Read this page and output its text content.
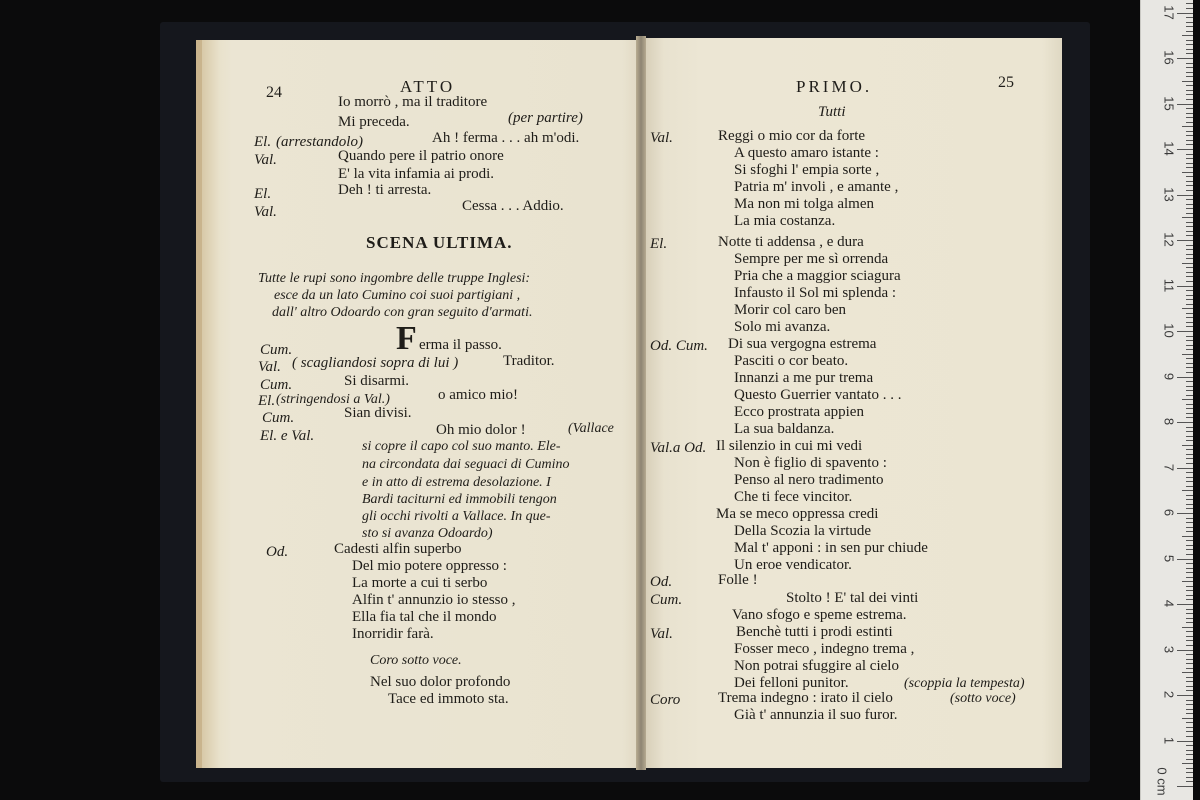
24	ATTO
Io morrò , ma il traditore
Mi preceda.	(per partire)
El. (arrestandolo)	Ah ! ferma . . . ah m'odi.
Val.	Quando pere il patrio onore
E' la vita infamia ai prodi.
El.	Deh ! ti arresta.
Val.	Cessa . . . Addio.
SCENA ULTIMA.
Tutte le rupi sono ingombre delle truppe Inglesi:
esce da un lato Cumino coi suoi partigiani ,
dall' altro Odoardo con gran seguito d'armati.
Cum.	F erma il passo.
Val. ( scagliandosi sopra di lui )	Traditor.
Cum.	Si disarmi.
El. (stringendosi a Val.)	o amico mio!
Cum.	Sian divisi.
El. e Val.	Oh mio dolor !	(Vallace
si copre il capo col suo manto. Ele-
na circondata dai seguaci di Cumino
e in atto di estrema desolazione. I
Bardi taciturni ed immobili tengon
gli occhi rivolti a Vallace. In que-
sto si avanza Odoardo)
Od.	Cadesti alfin superbo
Del mio potere oppresso :
La morte a cui ti serbo
Alfin t' annunzio io stesso ,
Ella fia tal che il mondo
Inorridir farà.
Coro sotto voce.
Nel suo dolor profondo
Tace ed immoto sta.
PRIMO.	25
Tutti
Val.	Reggi o mio cor da forte
A questo amaro istante :
Si sfoghi l' empia sorte ,
Patria m' involi , e amante ,
Ma non mi tolga almen
La mia costanza.
El.	Notte ti addensa , e dura
Sempre per me sì orrenda
Pria che a maggior sciagura
Infausto il Sol mi splenda :
Morir col caro ben
Solo mi avanza.
Od. Cum. Di sua vergogna estrema
Pasciti o cor beato.
Innanzi a me pur trema
Questo Guerrier vantato . . .
Ecco prostrata appien
La sua baldanza.
Val.a Od. Il silenzio in cui mi vedi
Non è figlio di spavento :
Penso al nero tradimento
Che ti fece vincitor.
Ma se meco oppressa credi
Della Scozia la virtude
Mal t' apponi : in sen pur chiude
Un eroe vendicator.
Od.	Folle !
Cum.	Stolto ! E' tal dei vinti
Vano sfogo e speme estrema.
Val.	Benchè tutti i prodi estinti
Fosser meco , indegno trema ,
Non potrai sfuggire al cielo
Dei felloni punitor.	(scoppia la tempesta)
Coro	Trema indegno : irato il cielo
Già t' annunzia il suo furor.
(sotto voce)
1
2
3
4
5
6
7
8
9
10
11
12
13
14
15
16
17
0 cm
